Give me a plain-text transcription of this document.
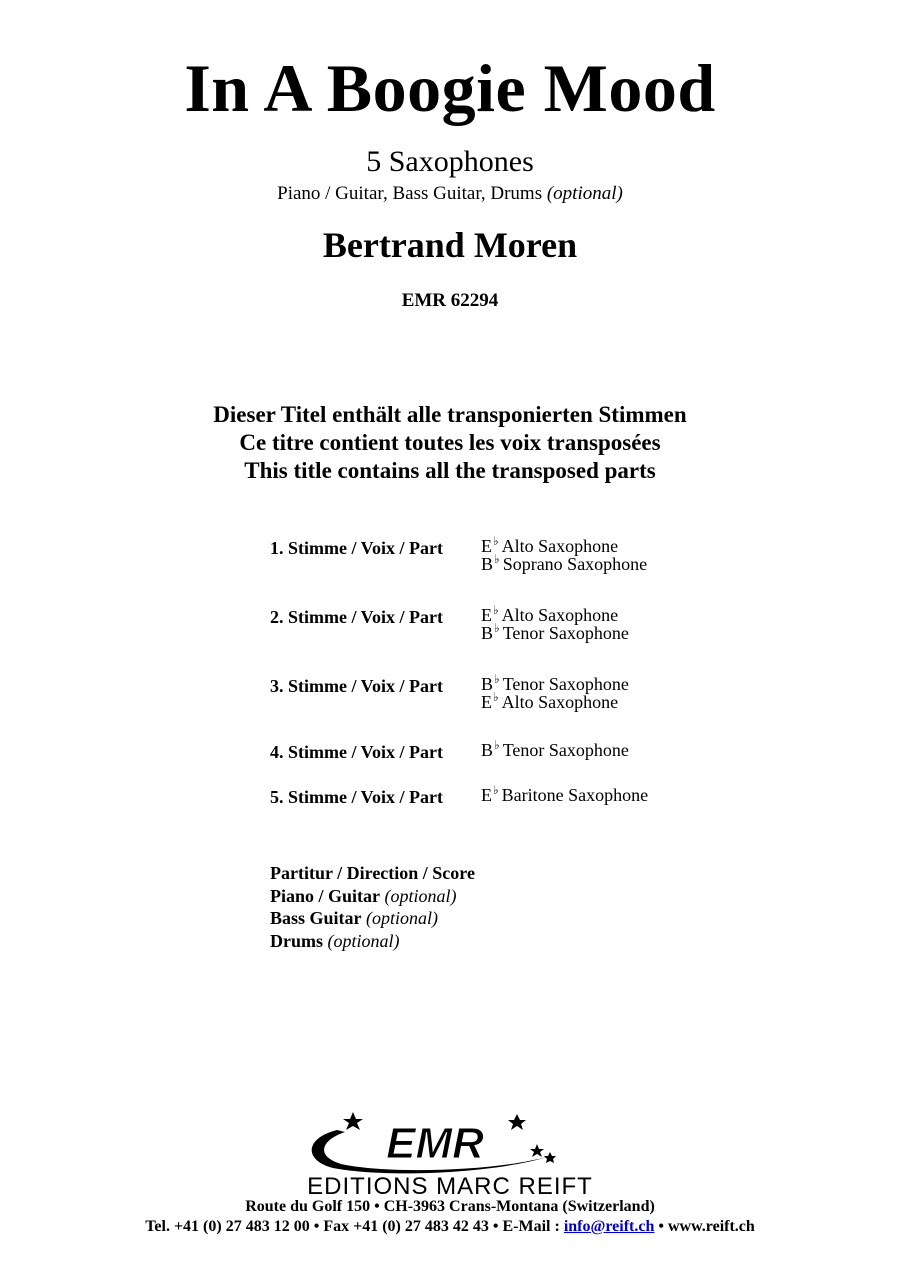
In A Boogie Mood
5 Saxophones
Piano / Guitar, Bass Guitar, Drums (optional)
Bertrand Moren
EMR 62294
Dieser Titel enthält alle transponierten Stimmen
Ce titre contient toutes les voix transposées
This title contains all the transposed parts
1. Stimme / Voix / Part E♭ Alto Saxophone
B♭ Soprano Saxophone
2. Stimme / Voix / Part E♭ Alto Saxophone
B♭ Tenor Saxophone
3. Stimme / Voix / Part B♭ Tenor Saxophone
E♭ Alto Saxophone
4. Stimme / Voix / Part B♭ Tenor Saxophone
5. Stimme / Voix / Part E♭ Baritone Saxophone
Partitur / Direction / Score
Piano / Guitar (optional)
Bass Guitar (optional)
Drums (optional)
EMR
EDITIONS MARC REIFT
Route du Golf 150 • CH-3963 Crans-Montana (Switzerland)
Tel. +41 (0) 27 483 12 00 • Fax +41 (0) 27 483 42 43 • E-Mail : info@reift.ch • www.reift.ch
